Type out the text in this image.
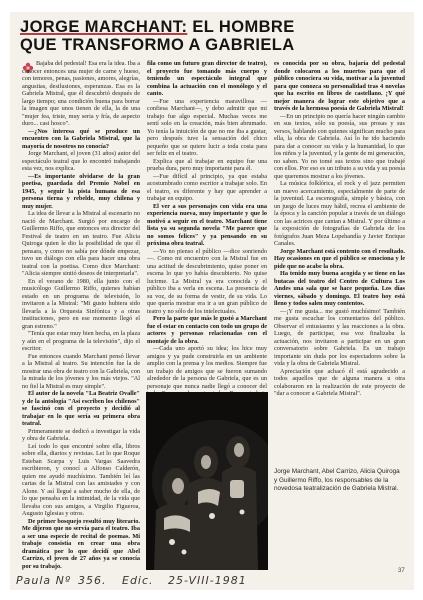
JORGE MARCHANT: EL HOMBRE
QUE TRANSFORMO A GABRIELA

Bajaba del pedestal! Esa era la idea. Iba a conocer entonces una mujer de carne y hueso, con temores, penas, pasiones, amores, alegrías, angustias, desilusiones, esperanzas. Esa es la Gabriela Mistral, que él descubrió después de largo tiempo; una condición buena para borrar la imagen que unos tienen de ella, la de una "mujer fea, triste, muy seria y fría, de aspecto duro... casi hosco".

—¿Nos interesa qué se produce un encuentro con la Gabriela Mistral, que la mayoría de nosotros no conocía?

Jorge Marchant, el joven (31 años) autor del espectáculo teatral que lo encontró trabajando esta vez, nos explica.

—Es importante olvidarse de la gran poetisa, guardada del Premio Nobel en 1945, y seguir la pista humana de esa persona tierna y rebelde, muy chilena y muy mujer.

La idea de llevar a la Mistral al escenario no nació de Marchant. Surgió por encargo de Guillermo Riffo, que entonces era director del Festival de teatro en un teatro. Fue Alicia Quiroga quien le dio la posibilidad de que él pensara, y como no sabía por dónde empezar, tuvo un diálogo con ella para hacer una obra teatral con la poetisa. Como dice Marchant: "Alicia siempre sintió deseos de interpretarla".

En el verano de 1980, ella junto con el musicólogo Guillermo Riffo, quienes habían estado en un programa de televisión, lo invitaron a la Mistral: "Mi gusto hubiera sido llevarla a la Orquesta Sinfónica y a otras instituciones, pero en ese momento llegó el gran estreno."

"Tenía que estar muy bien hecha, en la plaza y aún en el programa de la televisión", dijo el escritor.

Fue entonces cuando Marchant pensó llevar a la Mistral al teatro. Su intención fue la de mostrar una obra de teatro con la Gabriela, con la mirada de los jóvenes y los más viejos. "Al no fiel la Mistral es muy simple".

El autor de la novela "La Beatriz Ovalle" y de la antología "Así escriben los chilenos" se fascinó con el proyecto y decidió al trabajar en lo que sería su primera obra teatral.

Primeramente se dedicó a investigar la vida y obra de Gabriela.

Leí todo lo que encontré sobre ella, libros sobre ella, diarios y revistas. Lei lo que Roque Esteban Scarpa y Luis Vargas Saavedra escribieron, y conocí a Alfonso Calderón, quien me ayudó muchísimo. También leí las cartas de la Mistral con las amistades y con Alone. Y así llegué a saber mucho de ella, de lo que pensaba en la intimidad, de la vida que llevaba con sus amigos, a Virgilio Figueroa, Augusto Iglesias y otros.

De primer bosquejo resultó muy literario. Me dijeron que no servía para el teatro. Iba a ser una especie de recital de poemas. Mi trabajo consistía en crear una obra dramática por lo que decidí que Abel Carrizo, el joven de 27 años ya se conocía por su trabajo.

fila como un futuro gran director de teatro), el proyecto fue tomando más cuerpo y teniendo un espectáculo integral que combina la actuación con el monólogo y el canto.

—Fue una experiencia maravillosa —confiesa Marchant—, y debo admitir que mi trabajo fue algo especial. Muchas veces me sentí solo en la creación, más bien abrumado. Yo tenía la intuición de que no me iba a gustar, pero después tuve la sensación del chico pequeño que se quiere lucir a toda costa para ser feliz en el teatro.

Explica que al trabajar en equipo fue una prueba dura, pero muy importante para él.

—Fue difícil al principio, ya que estaba acostumbrado como escritor a trabajar solo. En el teatro, es diferente y hay que aprender a trabajar en equipo.

El ver a sus personajes con vida era una experiencia nueva, muy importante y que lo motivó a seguir en el teatro. Marchant tiene lista ya su segunda novela "Me parece que no somos felices" y ya pensando en su próxima obra teatral.

—Yo no pienso el público —dice sonriendo—. Como mi encuentro con la Mistral fue en una actitud de descubrimiento, quise poner en escena lo que yo había descubierto. No quise lucirme. La Mistral ya era conocida y el público iba a verla en escena. La presencia de su voz, de su forma de vestir, de su vida. Lo que quería mostrar era ir a un gran público de teatro y no sólo de los intelectuales.

Pero la parte que más le gustó a Marchant fue el estar en contacto con todo un grupo de actores y personas relacionadas con el montaje de la obra.

—Cada uno aportó su idea; los hice muy amigos y ya pude construirla en un ambiente amplio con la prensa y los medios. Siempre fue un trabajo de amigos que se fueron sumando alrededor de la persona de Gabriela, que es un personaje que nunca nadie llegó a conocer del

es conocida por su obra, bajaría del pedestal donde colocaron a los muertos para que el público conociera su vida, motivar a la juventud para que conozca su personalidad tras 4 novelas que ha escrito en libros de castellano. ¡Y qué mejor manera de lograr este objetivo que a través de la hermosa poesía de Gabriela Mistral!

—En un principio no quería hacer ningún cambio en sus textos, sólo su poesía, sus prosas y sus versos, hablando con quienes significan mucho para ella, la obra de Gabriela. Así lo he ido haciendo para dar a conocer su vida y la humanidad, lo que los niños y la juventud, y la gente de mi generación, no saben. Yo no tomé sus textos sino que trabajé con ellos. Por eso es un tributo a su vida y su poesía que queremos mostrar a los jóvenes.

La música folklórica, el rock y el jazz permiten un nuevo acercamiento, especialmente de parte de la juventud. La escenografía, simple y básica, con un juego de luces muy hábil, recrea el ambiente de la época y la canción popular a través de un diálogo con las actrices que cantan a Mistral. Y por último a la exposición de fotografías de Gabriela de los fotógrafos Juan Meza Lopehandía y Javier Enrique Canales.

Jorge Marchant está contento con el resultado. Hay ocasiones en que el público se emociona y le pide que no acabe la obra.

Ha tenido muy buena acogida y se tiene en las butacas del teatro del Centro de Cultura Los Andes una sala que se hace pequeña. Los días viernes, sábado y domingo. El teatro hoy está lleno y todos salen muy contentos.

—¡Y me gusta... me gustó muchísimo! También me gusta escuchar los comentarios del público. Observar el entusiasmo y las reacciones a la obra. Luego, de participar, esa voz finalizaba la actuación, nos invitaron a participar en un gran conversatorio sobre Gabriela. Es un trabajo importante sin duda por los espectadores sobre la vida y la obra de Gabriela Mistral.

Apreciación que achacó él está agradecido a todos aquellos que de alguna manera u otra colaboraron en la realización de este proyecto de "dar a conocer a Gabriela Mistral".

Jorge Marchant, Abel Carrizo, Alicia Quiroga y Guillermo Riffo, los responsables de la novedosa teatralización de Gabriela Mistral.

Paula Nº 356. Edic. 25-VIII-1981
37
